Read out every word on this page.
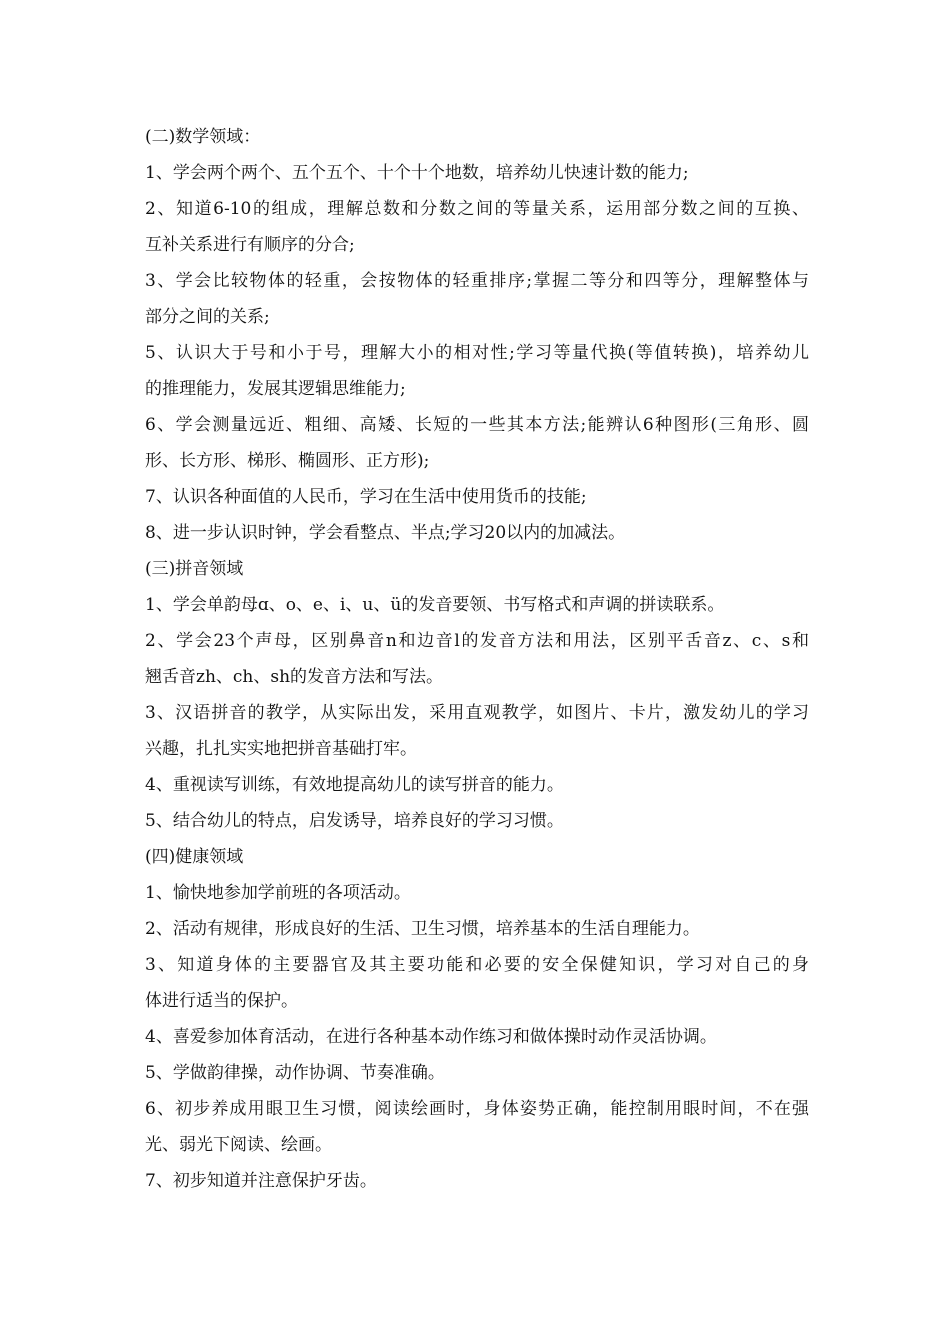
(二)数学领域：
1、学会两个两个、五个五个、十个十个地数，培养幼儿快速计数的能力;
2、知道6-10的组成，理解总数和分数之间的等量关系，运用部分数之间的互换、
互补关系进行有顺序的分合;
3、学会比较物体的轻重，会按物体的轻重排序;掌握二等分和四等分，理解整体与
部分之间的关系;
5、认识大于号和小于号，理解大小的相对性;学习等量代换(等值转换)，培养幼儿
的推理能力，发展其逻辑思维能力;
6、学会测量远近、粗细、高矮、长短的一些其本方法;能辨认6种图形(三角形、圆
形、长方形、梯形、椭圆形、正方形);
7、认识各种面值的人民币，学习在生活中使用货币的技能;
8、进一步认识时钟，学会看整点、半点;学习20以内的加减法。
(三)拼音领域
1、学会单韵母ɑ、o、e、i、u、ü的发音要领、书写格式和声调的拼读联系。
2、学会23个声母，区别鼻音n和边音l的发音方法和用法，区别平舌音z、c、s和
翘舌音zh、ch、sh的发音方法和写法。
3、汉语拼音的教学，从实际出发，采用直观教学，如图片、卡片，激发幼儿的学习
兴趣，扎扎实实地把拼音基础打牢。
4、重视读写训练，有效地提高幼儿的读写拼音的能力。
5、结合幼儿的特点，启发诱导，培养良好的学习习惯。
(四)健康领域
1、愉快地参加学前班的各项活动。
2、活动有规律，形成良好的生活、卫生习惯，培养基本的生活自理能力。
3、知道身体的主要器官及其主要功能和必要的安全保健知识，学习对自己的身
体进行适当的保护。
4、喜爱参加体育活动，在进行各种基本动作练习和做体操时动作灵活协调。
5、学做韵律操，动作协调、节奏准确。
6、初步养成用眼卫生习惯，阅读绘画时，身体姿势正确，能控制用眼时间，不在强
光、弱光下阅读、绘画。
7、初步知道并注意保护牙齿。
